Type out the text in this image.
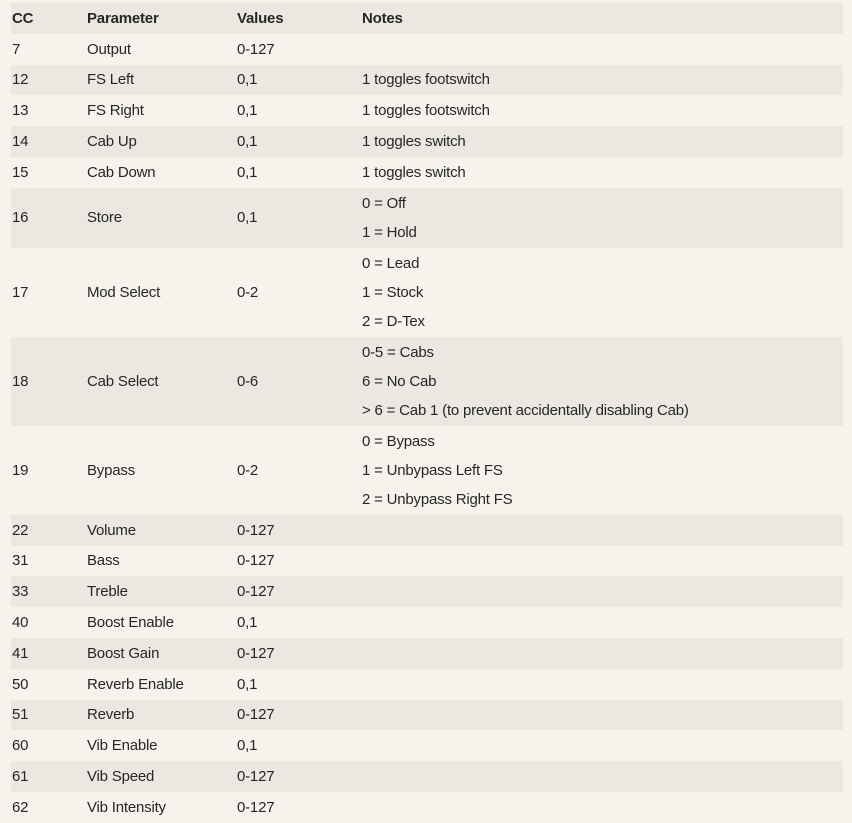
CC	Parameter	Values	Notes
7	Output	0-127
12	FS Left	0,1	1 toggles footswitch
13	FS Right	0,1	1 toggles footswitch
14	Cab Up	0,1	1 toggles switch
15	Cab Down	0,1	1 toggles switch
16	Store	0,1
0 = Off
1 = Hold
17	Mod Select	0-2
0 = Lead
1 = Stock
2 = D-Tex
18	Cab Select	0-6
0-5 = Cabs
6 = No Cab
> 6 = Cab 1 (to prevent accidentally disabling Cab)
19	Bypass	0-2
0 = Bypass
1 = Unbypass Left FS
2 = Unbypass Right FS
22	Volume	0-127
31	Bass	0-127
33	Treble	0-127
40	Boost Enable	0,1
41	Boost Gain	0-127
50	Reverb Enable	0,1
51	Reverb	0-127
60	Vib Enable	0,1
61	Vib Speed	0-127
62	Vib Intensity	0-127
